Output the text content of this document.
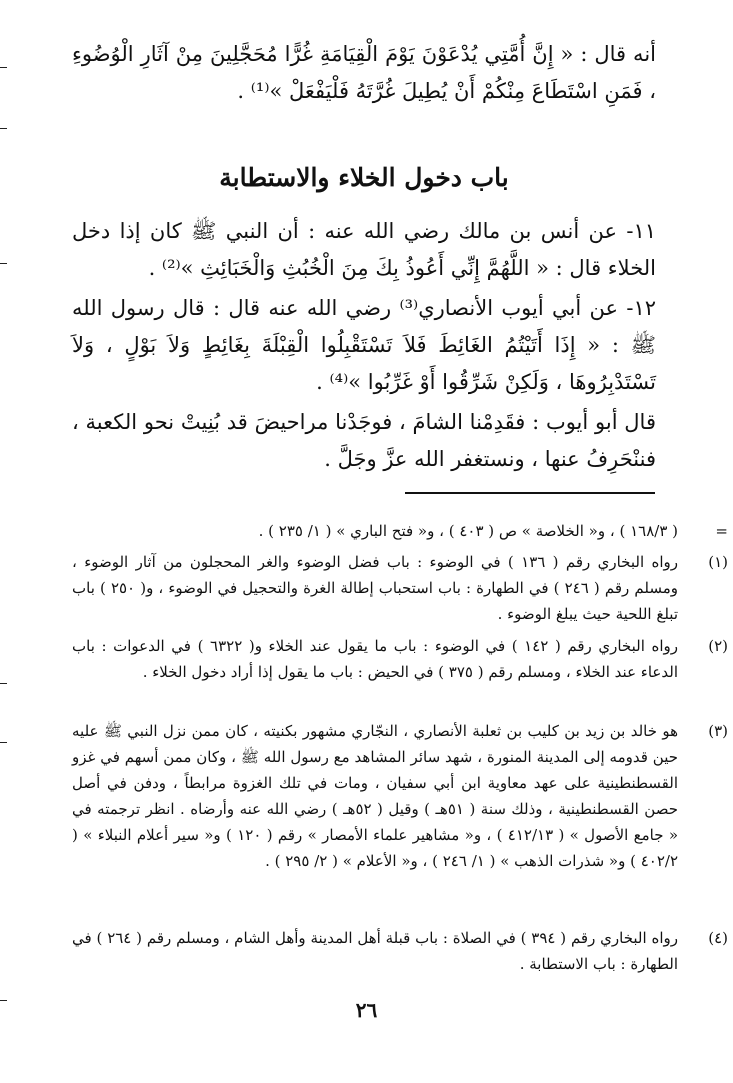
أنه قال : « إِنَّ أُمَّتِي يُدْعَوْنَ يَوْمَ الْقِيَامَةِ غُرًّا مُحَجَّلِينَ مِنْ آثَارِ الْوُضُوءِ ، فَمَنِ اسْتَطَاعَ مِنْكُمْ أَنْ يُطِيلَ غُرَّتَهُ فَلْيَفْعَلْ »⁽¹⁾ .

باب دخول الخلاء والاستطابة

١١- عن أنس بن مالك رضي الله عنه : أن النبي ﷺ كان إذا دخل الخلاء قال : « اللَّهُمَّ إِنِّي أَعُوذُ بِكَ مِنَ الْخُبُثِ وَالْخَبَائِثِ »⁽²⁾ .

١٢- عن أبي أيوب الأنصاري⁽³⁾ رضي الله عنه قال : قال رسول الله ﷺ : « إِذَا أَتَيْتُمُ الغَائِطَ فَلاَ تَسْتَقْبِلُوا الْقِبْلَةَ بِغَائِطٍ وَلاَ بَوْلٍ ، وَلاَ تَسْتَدْبِرُوهَا ، وَلَكِنْ شَرِّقُوا أَوْ غَرِّبُوا »⁽⁴⁾ .

قال أبو أيوب : فقَدِمْنا الشامَ ، فوجَدْنا مراحيضَ قد بُنِيتْ نحو الكعبة ، فننْحَرِفُ عنها ، ونستغفر الله عزَّ وجَلَّ .

=
( ١٦٨/٣ ) ، و« الخلاصة » ص ( ٤٠٣ ) ، و« فتح الباري » ( ١/ ٢٣٥ ) .
(١)
رواه البخاري رقم ( ١٣٦ ) في الوضوء : باب فضل الوضوء والغر المحجلون من آثار الوضوء ، ومسلم رقم ( ٢٤٦ ) في الطهارة : باب استحباب إطالة الغرة والتحجيل في الوضوء ، و( ٢٥٠ ) باب تبلغ اللحية حيث يبلغ الوضوء .
(٢)
رواه البخاري رقم ( ١٤٢ ) في الوضوء : باب ما يقول عند الخلاء و( ٦٣٢٢ ) في الدعوات : باب الدعاء عند الخلاء ، ومسلم رقم ( ٣٧٥ ) في الحيض : باب ما يقول إذا أراد دخول الخلاء .
(٣)
هو خالد بن زيد بن كليب بن ثعلبة الأنصاري ، النجّاري مشهور بكنيته ، كان ممن نزل النبي ﷺ عليه حين قدومه إلى المدينة المنورة ، شهد سائر المشاهد مع رسول الله ﷺ ، وكان ممن أسهم في غزو القسطنطينية على عهد معاوية ابن أبي سفيان ، ومات في تلك الغزوة مرابطاً ، ودفن في أصل حصن القسطنطينية ، وذلك سنة ( ٥١هـ ) وقيل ( ٥٢هـ ) رضي الله عنه وأرضاه . انظر ترجمته في « جامع الأصول » ( ٤١٢/١٣ ) ، و« مشاهير علماء الأمصار » رقم ( ١٢٠ ) و« سير أعلام النبلاء » ( ٤٠٢/٢ ) و« شذرات الذهب » ( ١/ ٢٤٦ ) ، و« الأعلام » ( ٢/ ٢٩٥ ) .
(٤)
رواه البخاري رقم ( ٣٩٤ ) في الصلاة : باب قبلة أهل المدينة وأهل الشام ، ومسلم رقم ( ٢٦٤ ) في الطهارة : باب الاستطابة .
٢٦
